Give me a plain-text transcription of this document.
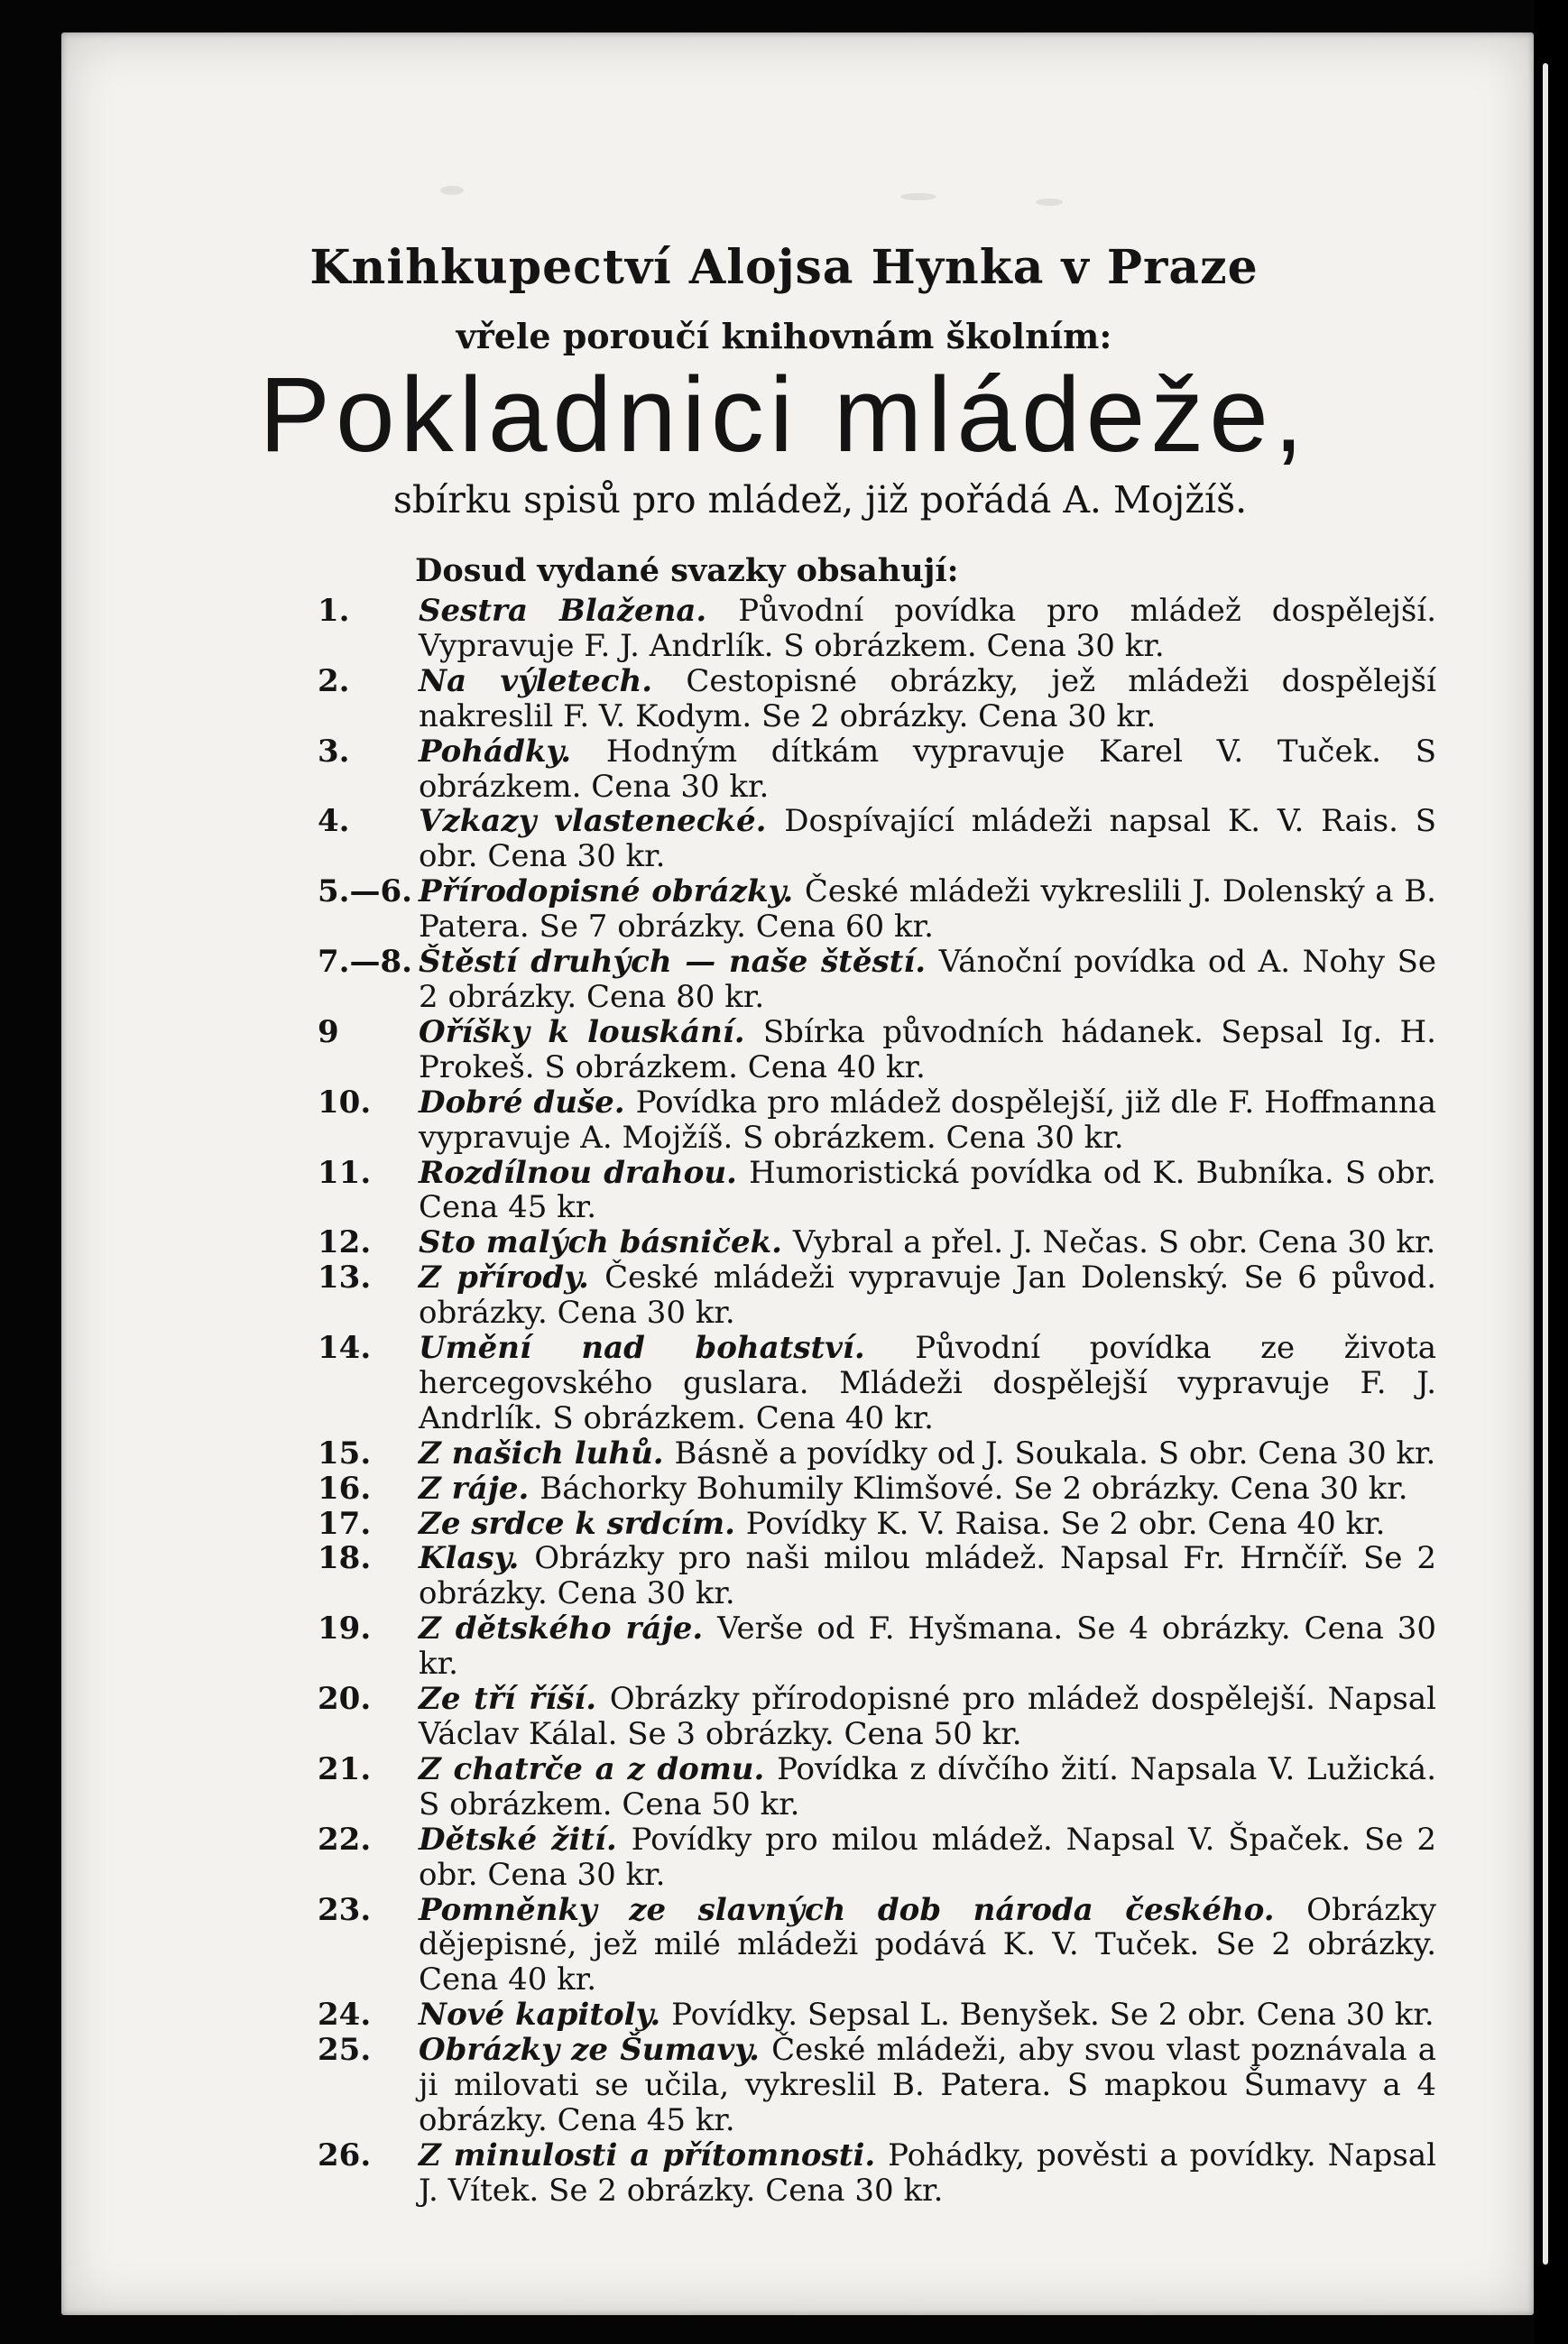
Knihkupectví Alojsa Hynka v Praze
vřele poroučí knihovnám školním:
Pokladnici mládeže,
sbírku spisů pro mládež, již pořádá A. Mojžíš.
Dosud vydané svazky obsahují:
1. Sestra Blažena. Původní povídka pro mládež dospělejší. Vypravuje F. J. Andrlík. S obrázkem. Cena 30 kr.
2. Na výletech. Cestopisné obrázky, jež mládeži dospělejší nakreslil F. V. Kodym. Se 2 obrázky. Cena 30 kr.
3. Pohádky. Hodným dítkám vypravuje Karel V. Tuček. S obrázkem. Cena 30 kr.
4. Vzkazy vlastenecké. Dospívající mládeži napsal K. V. Rais. S obr. Cena 30 kr.
5.—6. Přírodopisné obrázky. České mládeži vykreslili J. Dolenský a B. Patera. Se 7 obrázky. Cena 60 kr.
7.—8. Štěstí druhých — naše štěstí. Vánoční povídka od A. Nohy Se 2 obrázky. Cena 80 kr.
9	Oříšky k louskání. Sbírka původních hádanek. Sepsal Ig. H. Prokeš. S obrázkem. Cena 40 kr.
10. Dobré duše. Povídka pro mládež dospělejší, již dle F. Hoffmanna vypravuje A. Mojžíš. S obrázkem. Cena 30 kr.
11. Rozdílnou drahou. Humoristická povídka od K. Bubníka. S obr. Cena 45 kr.
12. Sto malých básniček. Vybral a přel. J. Nečas. S obr. Cena 30 kr.
13. Z přírody. České mládeži vypravuje Jan Dolenský. Se 6 původ. obrázky. Cena 30 kr.
14. Umění nad bohatství. Původní povídka ze života hercegovského guslara. Mládeži dospělejší vypravuje F. J. Andrlík. S obrázkem. Cena 40 kr.
15. Z našich luhů. Básně a povídky od J. Soukala. S obr. Cena 30 kr.
16. Z ráje. Báchorky Bohumily Klimšové. Se 2 obrázky. Cena 30 kr.
17. Ze srdce k srdcím. Povídky K. V. Raisa. Se 2 obr. Cena 40 kr.
18. Klasy. Obrázky pro naši milou mládež. Napsal Fr. Hrnčíř. Se 2 obrázky. Cena 30 kr.
19. Z dětského ráje. Verše od F. Hyšmana. Se 4 obrázky. Cena 30 kr.
20. Ze tří říší. Obrázky přírodopisné pro mládež dospělejší. Napsal Václav Kálal. Se 3 obrázky. Cena 50 kr.
21. Z chatrče a z domu. Povídka z dívčího žití. Napsala V. Lužická. S obrázkem. Cena 50 kr.
22. Dětské žití. Povídky pro milou mládež. Napsal V. Špaček. Se 2 obr. Cena 30 kr.
23. Pomněnky ze slavných dob národa českého. Obrázky dějepisné, jež milé mládeži podává K. V. Tuček. Se 2 obrázky. Cena 40 kr.
24. Nové kapitoly. Povídky. Sepsal L. Benyšek. Se 2 obr. Cena 30 kr.
25. Obrázky ze Šumavy. České mládeži, aby svou vlast poznávala a ji milovati se učila, vykreslil B. Patera. S mapkou Šumavy a 4 obrázky. Cena 45 kr.
26. Z minulosti a přítomnosti. Pohádky, pověsti a povídky. Napsal J. Vítek. Se 2 obrázky. Cena 30 kr.
